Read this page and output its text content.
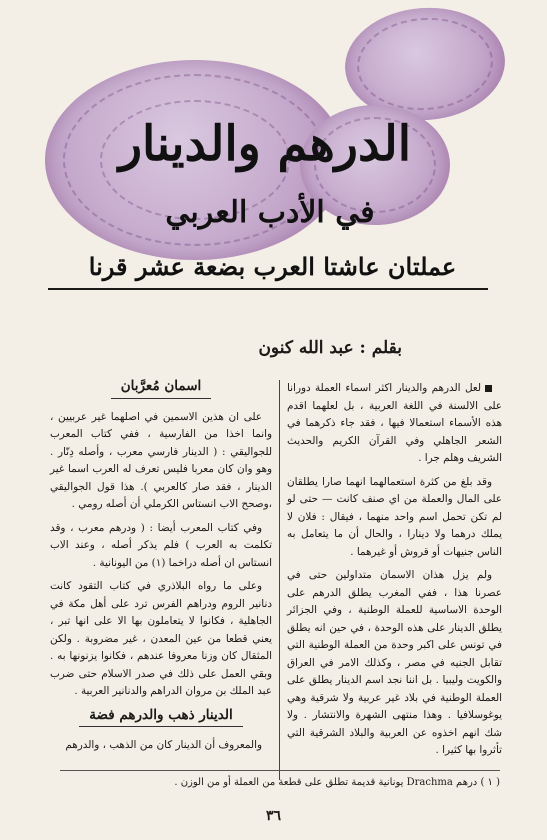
الدرهم والدينار
في الأدب العربي
عملتان عاشتا العرب بضعة عشر قرنا
بقلم : عبد الله كنون

لعل الدرهم والدينار اكثر اسماء العملة دورانا على الالسنة في اللغة العربية ، بل لعلهما اقدم هذه الأسماء استعمالا فيها ، فقد جاء ذكرهما في الشعر الجاهلي وفي القرآن الكريم والحديث الشريف وهلم جرا .

وقد بلغ من كثرة استعمالهما انهما صارا يطلقان على المال والعملة من اي صنف كانت — حتى لو لم تكن تحمل اسم واحد منهما ، فيقال : فلان لا يملك درهما ولا دينارا ، والحال أن ما يتعامل به الناس جنيهات أو قروش أو غيرهما .

ولم يزل هذان الاسمان متداولين حتى في عصرنا هذا ، ففي المغرب يطلق الدرهم على الوحدة الاساسية للعملة الوطنية ، وفي الجزائر يطلق الدينار على هذه الوحدة ، في حين انه يطلق في تونس على اكبر وحدة من العملة الوطنية التي تقابل الجنيه في مصر ، وكذلك الامر في العراق والكويت وليبيا . بل اننا نجد اسم الدينار يطلق على العملة الوطنية في بلاد غير عربية ولا شرقية وهي يوغوسلافيا . وهذا منتهى الشهرة والانتشار . ولا شك انهم اخذوه عن العربية والبلاد الشرقية التي تأثروا بها كثيرا .

اسمان مُعرَّبان

على ان هذين الاسمين في اصلهما غير عربيين ، وانما اخذا من الفارسية ، ففي كتاب المعرب للجواليقي : ( الدينار فارسي معرب ، وأصله دِنّار . وهو وان كان معربا فليس تعرف له العرب اسما غير الدينار ، فقد صار كالعربي ). هذا قول الجواليقي ،وصحح الاب انستاس الكرملي أن أصله رومي .

وفي كتاب المعرب أيضا : ( ودرهم معرب ، وقد تكلمت به العرب ) فلم يذكر أصله ، وعند الاب انستاس ان أصله دراخما (١) من اليونانية .

وعلى ما رواه البلاذري في كتاب التقود كانت دنانير الروم ودراهم الفرس ترد على أهل مكة في الجاهلية ، فكانوا لا يتعاملون بها الا على انها تبر ، يعني قطعا من عين المعدن ، غير مضروبة . ولكن المثقال كان وزنا معروفا عندهم ، فكانوا يزنونها به . وبقي العمل على ذلك في صدر الاسلام حتى ضرب عبد الملك بن مروان الدراهم والدنانير العربية .

الدينار ذهب والدرهم فضة

والمعروف أن الدينار كان من الذهب ، والدرهم

( ١ ) درهم Drachma يونانية قديمة تطلق على قطعة من العملة أو من الوزن .
٣٦
